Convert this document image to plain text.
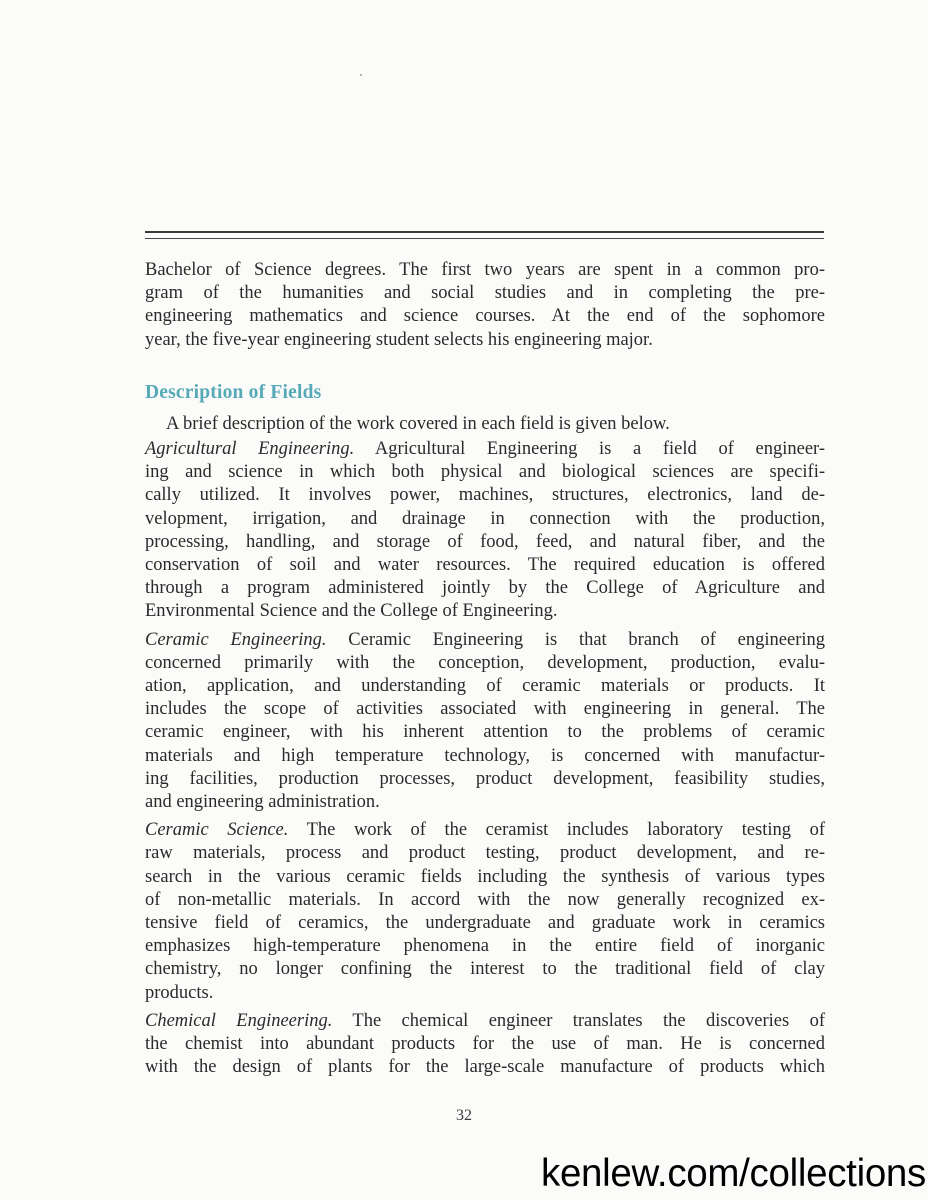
Bachelor of Science degrees. The first two years are spent in a common pro-

gram of the humanities and social studies and in completing the pre-

engineering mathematics and science courses. At the end of the sophomore

year, the five-year engineering student selects his engineering major.

Description of Fields

A brief description of the work covered in each field is given below.

Agricultural Engineering. Agricultural Engineering is a field of engineer-

ing and science in which both physical and biological sciences are specifi-

cally utilized. It involves power, machines, structures, electronics, land de-

velopment, irrigation, and drainage in connection with the production,

processing, handling, and storage of food, feed, and natural fiber, and the

conservation of soil and water resources. The required education is offered

through a program administered jointly by the College of Agriculture and

Environmental Science and the College of Engineering.

Ceramic Engineering. Ceramic Engineering is that branch of engineering

concerned primarily with the conception, development, production, evalu-

ation, application, and understanding of ceramic materials or products. It

includes the scope of activities associated with engineering in general. The

ceramic engineer, with his inherent attention to the problems of ceramic

materials and high temperature technology, is concerned with manufactur-

ing facilities, production processes, product development, feasibility studies,

and engineering administration.

Ceramic Science. The work of the ceramist includes laboratory testing of

raw materials, process and product testing, product development, and re-

search in the various ceramic fields including the synthesis of various types

of non-metallic materials. In accord with the now generally recognized ex-

tensive field of ceramics, the undergraduate and graduate work in ceramics

emphasizes high-temperature phenomena in the entire field of inorganic

chemistry, no longer confining the interest to the traditional field of clay

products.

Chemical Engineering. The chemical engineer translates the discoveries of

the chemist into abundant products for the use of man. He is concerned

with the design of plants for the large-scale manufacture of products which

32

kenlew.com/collections
